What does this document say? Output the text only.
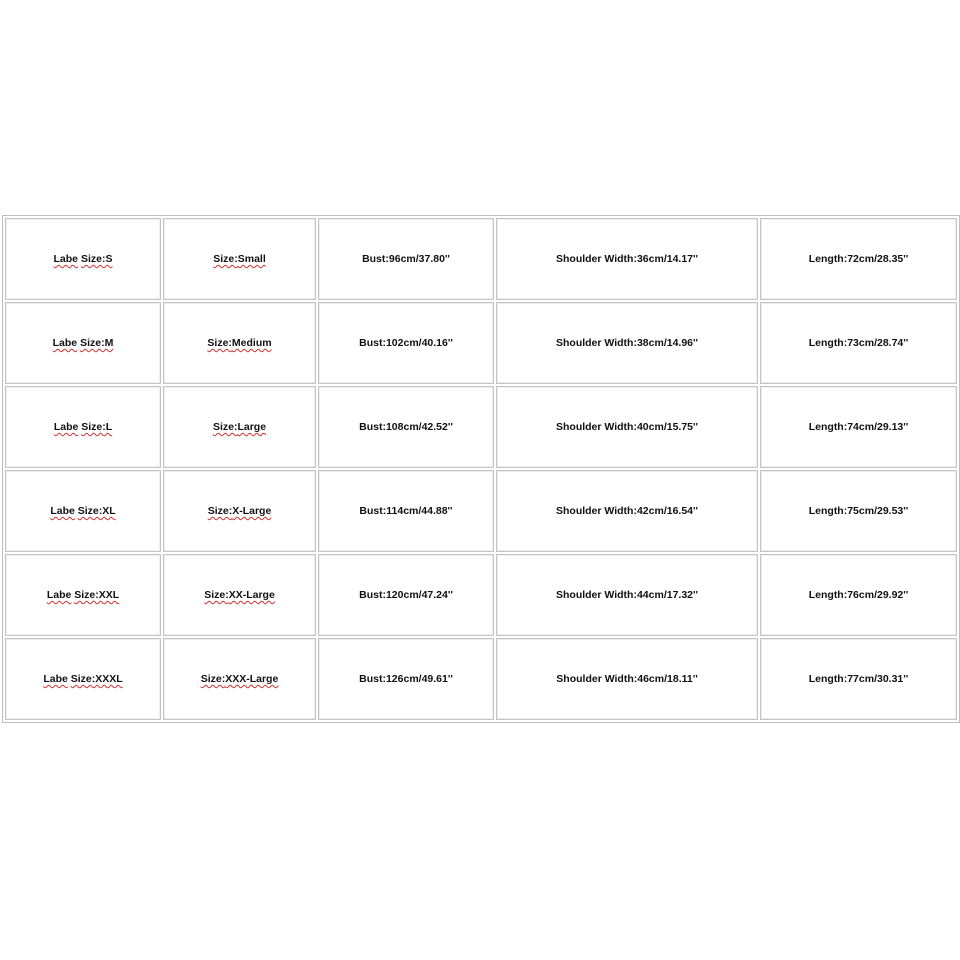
Labe Size:S	Size:Small	Bust:96cm/37.80''	Shoulder Width:36cm/14.17''	Length:72cm/28.35''
Labe Size:M	Size:Medium	Bust:102cm/40.16''	Shoulder Width:38cm/14.96''	Length:73cm/28.74''
Labe Size:L	Size:Large	Bust:108cm/42.52''	Shoulder Width:40cm/15.75''	Length:74cm/29.13''
Labe Size:XL	Size:X-Large	Bust:114cm/44.88''	Shoulder Width:42cm/16.54''	Length:75cm/29.53''
Labe Size:XXL	Size:XX-Large	Bust:120cm/47.24''	Shoulder Width:44cm/17.32''	Length:76cm/29.92''
Labe Size:XXXL	Size:XXX-Large	Bust:126cm/49.61''	Shoulder Width:46cm/18.11''	Length:77cm/30.31''
